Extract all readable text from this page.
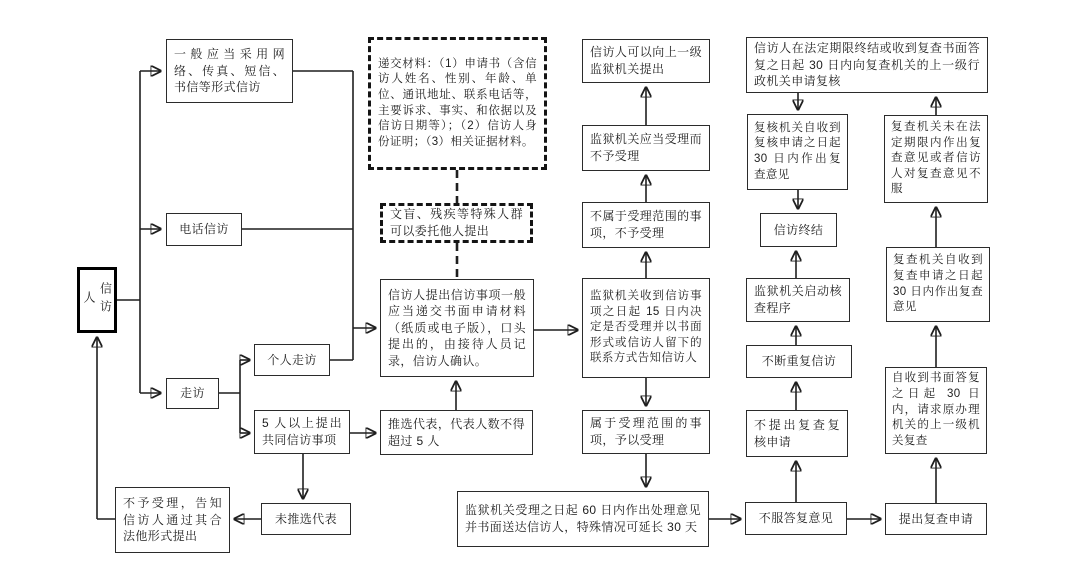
信访人
一般应当采用网络、传真、短信、书信等形式信访
电话信访
走访
个人走访
5 人以上提出共同信访事项
未推选代表
不予受理，告知信访人通过其合法他形式提出
递交材料：（1）申请书（含信访人姓名、性别、年龄、单位、通讯地址、联系电话等，主要诉求、事实、和依据以及信访日期等）；（2）信访人身份证明；（3）相关证据材料。
文盲、残疾等特殊人群可以委托他人提出
信访人提出信访事项一般应当递交书面申请材料（纸质或电子版），口头提出的，由接待人员记录，信访人确认。
推选代表，代表人数不得超过 5 人
信访人可以向上一级监狱机关提出
监狱机关应当受理而不予受理
不属于受理范围的事项，不予受理
监狱机关收到信访事项之日起 15 日内决定是否受理并以书面形式或信访人留下的联系方式告知信访人
属于受理范围的事项，予以受理
监狱机关受理之日起 60 日内作出处理意见并书面送达信访人，特殊情况可延长 30 天
信访人在法定期限终结或收到复查书面答复之日起 30 日内向复查机关的上一级行政机关申请复核
复核机关自收到复核申请之日起 30 日内作出复查意见
信访终结
监狱机关启动核查程序
不断重复信访
不提出复查复核申请
不服答复意见
复查机关未在法定期限内作出复查意见或者信访人对复查意见不服
复查机关自收到复查申请之日起 30 日内作出复查意见
自收到书面答复之日起 30 日内，请求原办理机关的上一级机关复查
提出复查申请
